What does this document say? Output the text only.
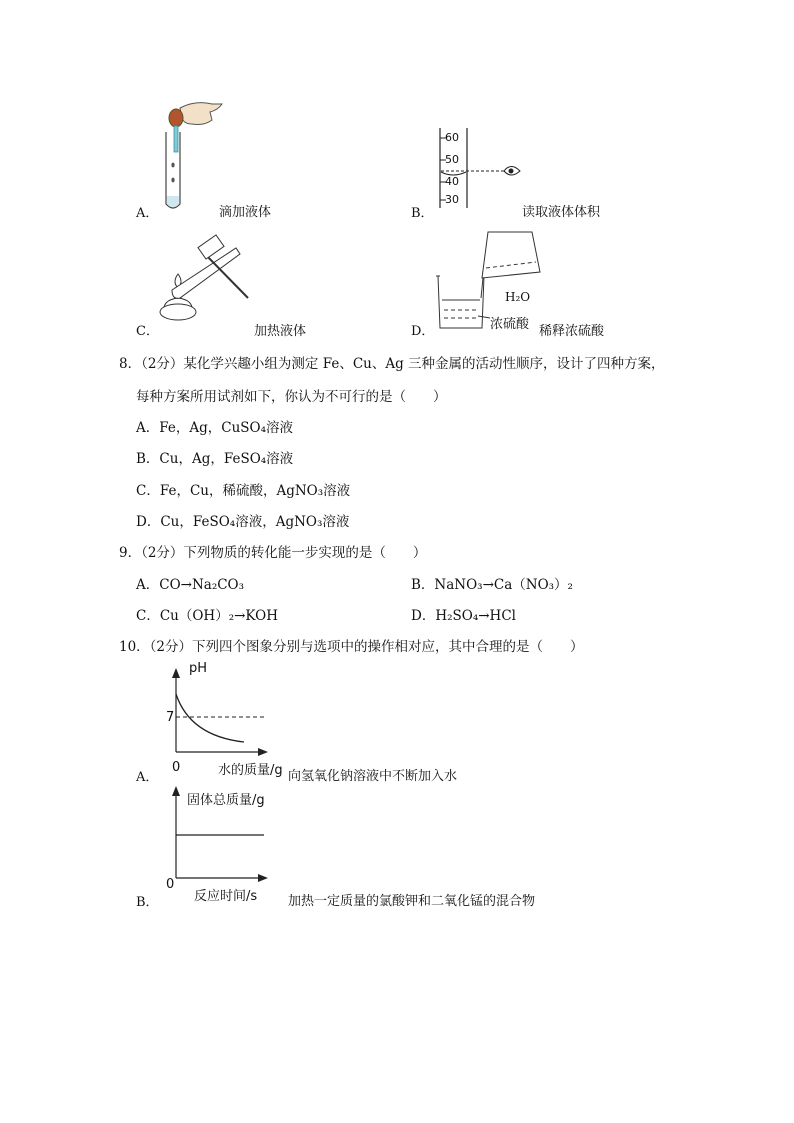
A．	滴加液体
60
50
40
30
B．	读取液体体积
C．	加热液体
H₂O
浓硫酸
D．	稀释浓硫酸
8．（2分）某化学兴趣小组为测定 Fe、Cu、Ag 三种金属的活动性顺序，设计了四种方案，
每种方案所用试剂如下，你认为不可行的是（　　）
A．Fe，Ag，CuSO₄溶液
B．Cu，Ag，FeSO₄溶液
C．Fe，Cu，稀硫酸，AgNO₃溶液
D．Cu，FeSO₄溶液，AgNO₃溶液
9．（2分）下列物质的转化能一步实现的是（　　）
A．CO→Na₂CO₃	B．NaNO₃→Ca（NO₃）₂
C．Cu（OH）₂→KOH	D．H₂SO₄→HCl
10．（2分）下列四个图象分别与选项中的操作相对应，其中合理的是（　　）
pH
7
0	水的质量/g
A．	向氢氧化钠溶液中不断加入水
固体总质量/g
0
反应时间/s
B．	加热一定质量的氯酸钾和二氧化锰的混合物
